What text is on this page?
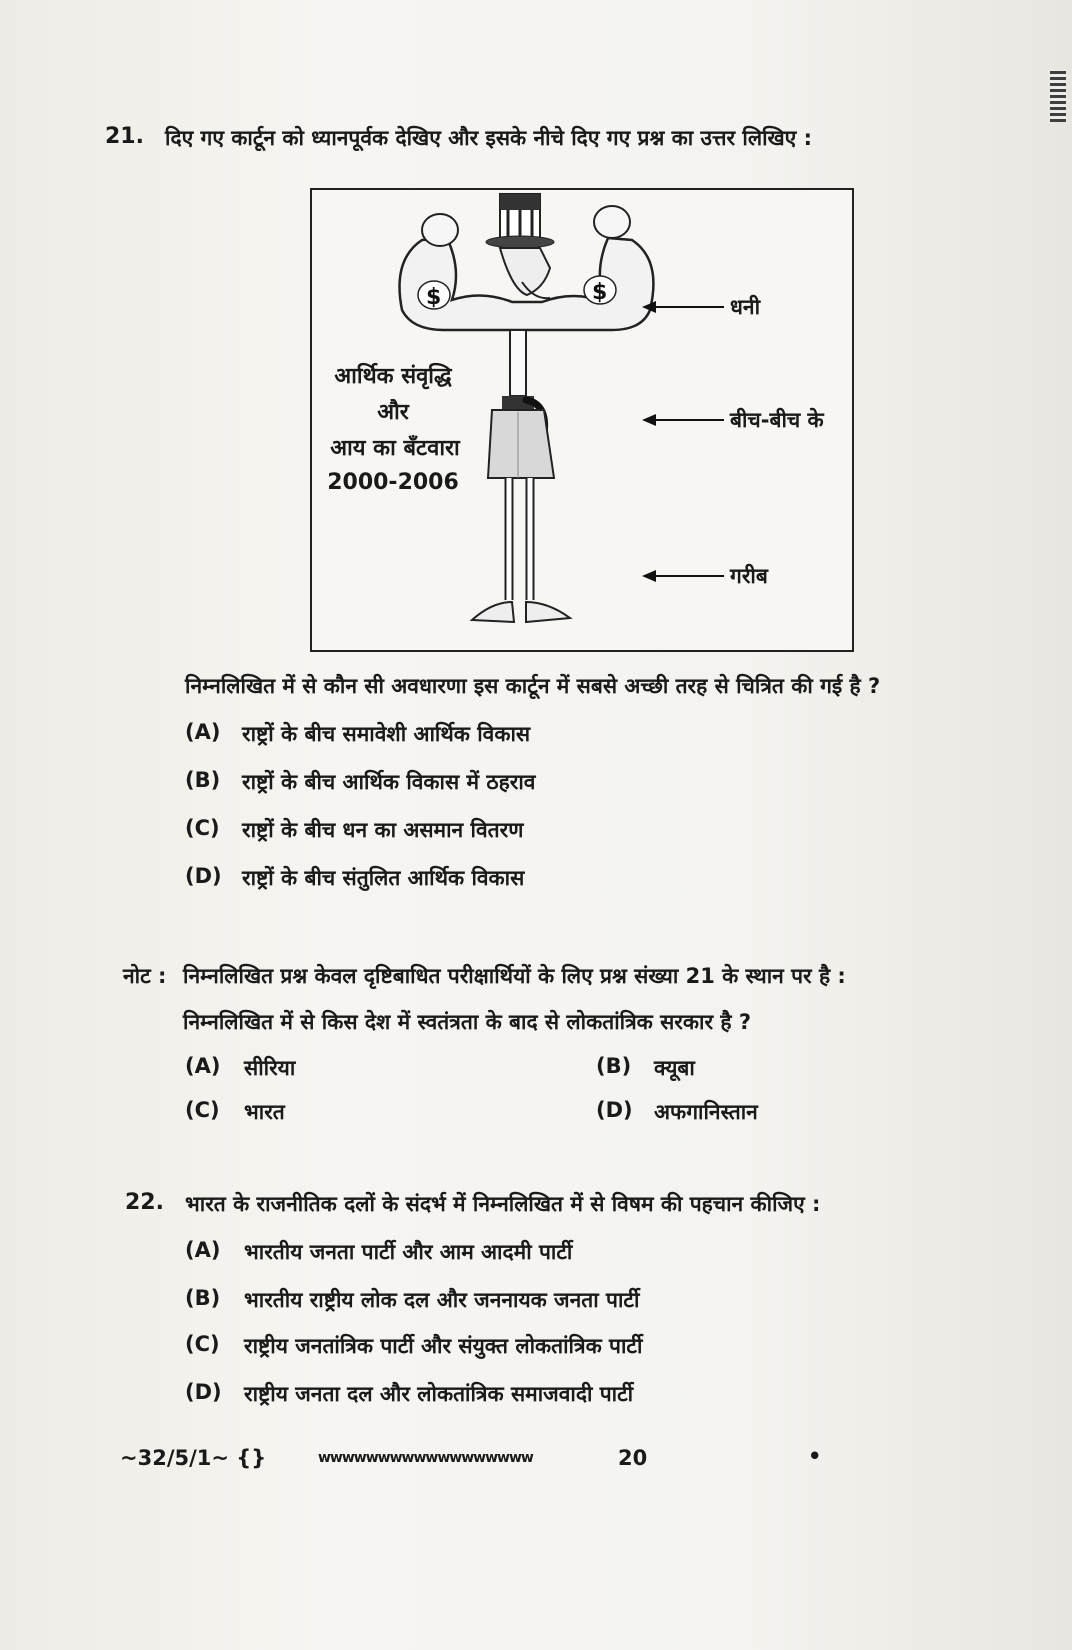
21. दिए गए कार्टून को ध्यानपूर्वक देखिए और इसके नीचे दिए गए प्रश्न का उत्तर लिखिए :
$	$
आर्थिक संवृद्धि
और
आय का बँटवारा
2000-2006
धनी
बीच-बीच के
गरीब
निम्नलिखित में से कौन सी अवधारणा इस कार्टून में सबसे अच्छी तरह से चित्रित की गई है ?
(A) राष्ट्रों के बीच समावेशी आर्थिक विकास
(B) राष्ट्रों के बीच आर्थिक विकास में ठहराव
(C) राष्ट्रों के बीच धन का असमान वितरण
(D) राष्ट्रों के बीच संतुलित आर्थिक विकास
नोट : निम्नलिखित प्रश्न केवल दृष्टिबाधित परीक्षार्थियों के लिए प्रश्न संख्या 21 के स्थान पर है :
निम्नलिखित में से किस देश में स्वतंत्रता के बाद से लोकतांत्रिक सरकार है ?
(A) सीरिया	(B) क्यूबा
(C) भारत	(D) अफगानिस्तान
22. भारत के राजनीतिक दलों के संदर्भ में निम्नलिखित में से विषम की पहचान कीजिए :
(A) भारतीय जनता पार्टी और आम आदमी पार्टी
(B) भारतीय राष्ट्रीय लोक दल और जननायक जनता पार्टी
(C) राष्ट्रीय जनतांत्रिक पार्टी और संयुक्त लोकतांत्रिक पार्टी
(D) राष्ट्रीय जनता दल और लोकतांत्रिक समाजवादी पार्टी
~32/5/1~ {}	wwwwwwwwwwwwwwwwww	20	•
